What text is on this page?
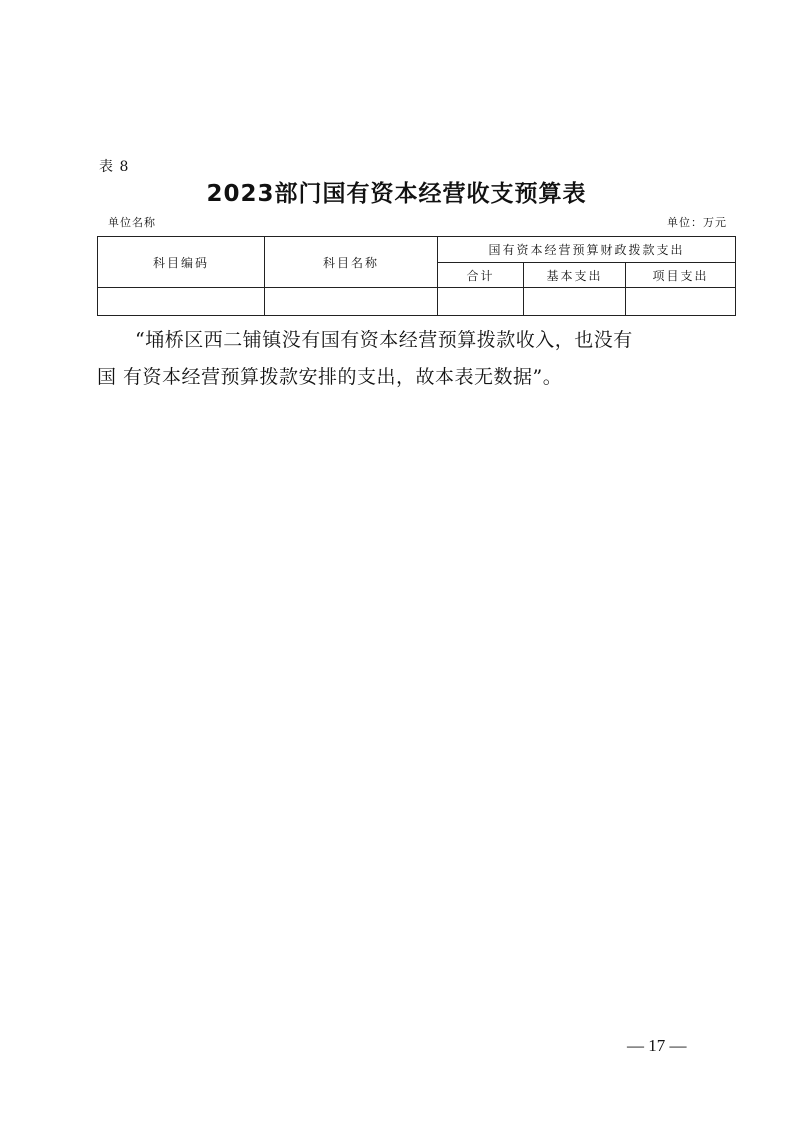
表 8
2023部门国有资本经营收支预算表
单位名称	单位：万元
科目编码	科目名称	国有资本经营预算财政拨款支出		
		合计	基本支出	项目支出

“埇桥区西二铺镇没有国有资本经营预算拨款收入，也没有

国 有资本经营预算拨款安排的支出，故本表无数据”。

— 17 —
